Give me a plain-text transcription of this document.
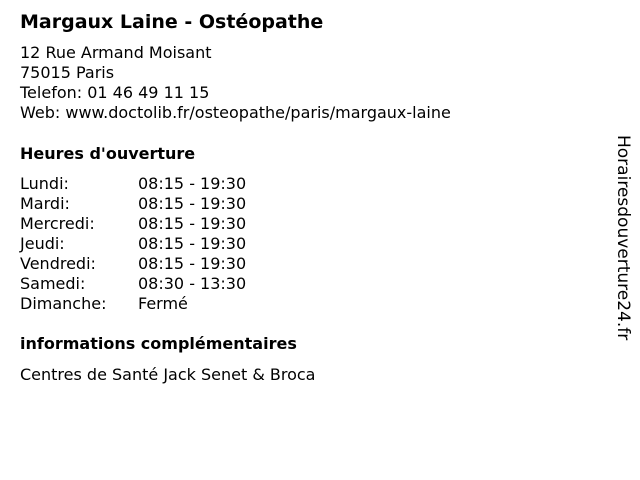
Margaux Laine - Ostéopathe
12 Rue Armand Moisant
75015 Paris
Telefon: 01 46 49 11 15
Web: www.doctolib.fr/osteopathe/paris/margaux-laine
Heures d'ouverture
Lundi:	08:15 - 19:30
Mardi:	08:15 - 19:30
Mercredi:	08:15 - 19:30
Jeudi:	08:15 - 19:30
Vendredi:	08:15 - 19:30
Samedi:	08:30 - 13:30
Dimanche:	Fermé
informations complémentaires
Centres de Santé Jack Senet & Broca
Horairesdouverture24.fr
